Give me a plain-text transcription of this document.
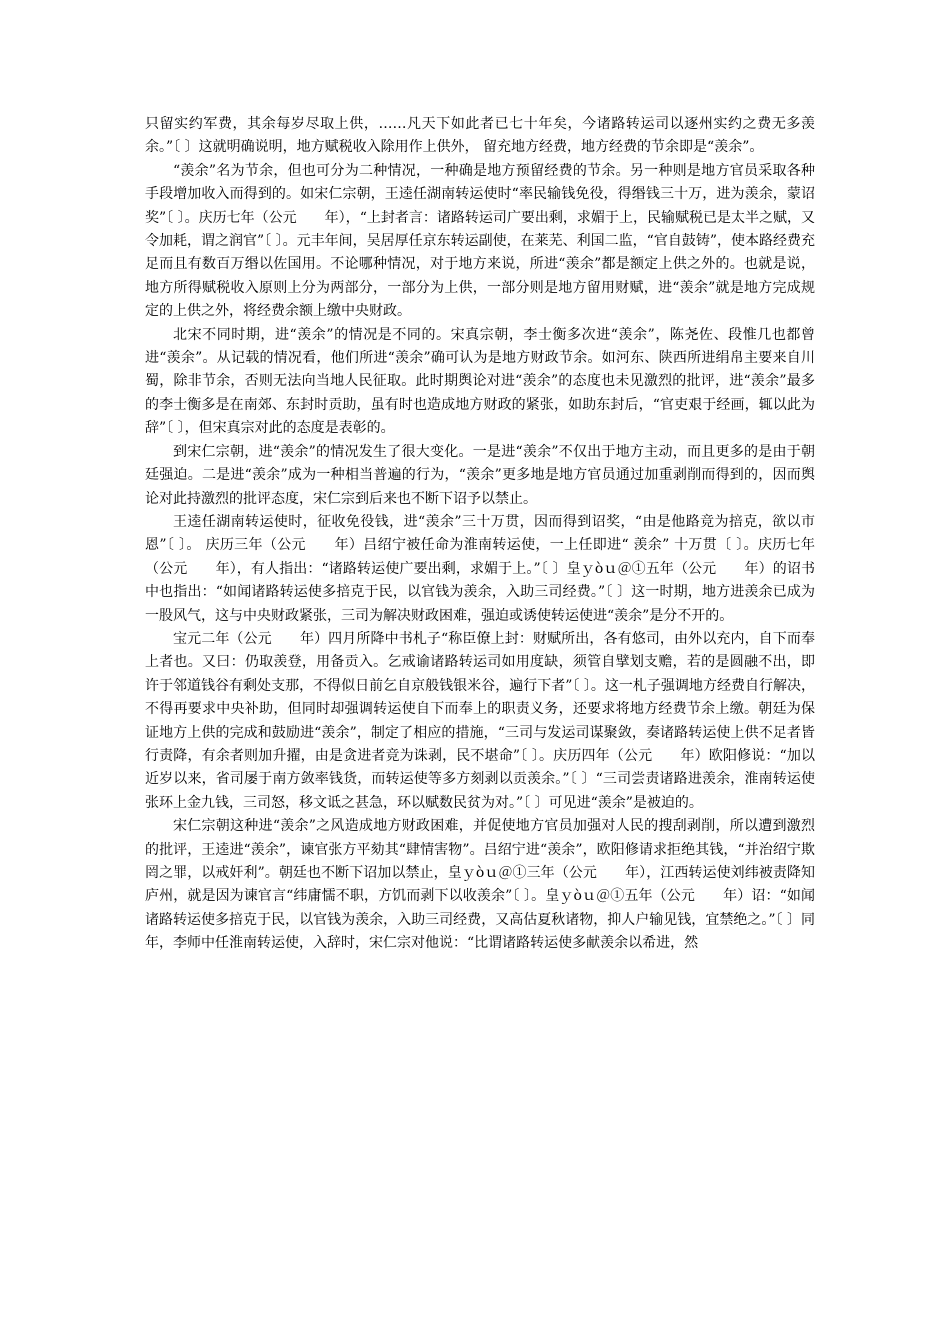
只留实约军费，其余每岁尽取上供，……凡天下如此者已七十年矣，今诸路转运司以逐州实约之费无多羡余。”〔 〕这就明确说明，地方赋税收入除用作上供外， 留充地方经费，地方经费的节余即是“羡余”。

“羡余”名为节余，但也可分为二种情况，一种确是地方预留经费的节余。另一种则是地方官员采取各种手段增加收入而得到的。如宋仁宗朝，王逵任湖南转运使时“率民输钱免役，得缗钱三十万，进为羡余，蒙诏奖”〔 〕。庆历七年（公元　　年），“上封者言：诸路转运司广要出剩，求媚于上，民输赋税已是太半之赋，又令加耗，谓之润官”〔 〕。元丰年间，吴居厚任京东转运副使，在莱芜、利国二监，“官自鼓铸”，使本路经费充足而且有数百万缗以佐国用。不论哪种情况，对于地方来说，所进“羡余”都是额定上供之外的。也就是说，地方所得赋税收入原则上分为两部分，一部分为上供，一部分则是地方留用财赋，进“羡余”就是地方完成规定的上供之外，将经费余额上缴中央财政。

北宋不同时期，进“羡余”的情况是不同的。宋真宗朝，李士衡多次进“羡余”，陈尧佐、段惟几也都曾进“羡余”。从记载的情况看，他们所进“羡余”确可认为是地方财政节余。如河东、陕西所进绢帛主要来自川蜀，除非节余，否则无法向当地人民征取。此时期舆论对进“羡余”的态度也未见激烈的批评，进“羡余”最多的李士衡多是在南郊、东封时贡助，虽有时也造成地方财政的紧张，如助东封后，“官吏艰于经画，辄以此为辞”〔 〕，但宋真宗对此的态度是表彰的。

到宋仁宗朝，进“羡余”的情况发生了很大变化。一是进“羡余”不仅出于地方主动，而且更多的是由于朝廷强迫。二是进“羡余”成为一种相当普遍的行为，“羡余”更多地是地方官员通过加重剥削而得到的，因而舆论对此持激烈的批评态度，宋仁宗到后来也不断下诏予以禁止。

王逵任湖南转运使时，征收免役钱，进“羡余”三十万贯，因而得到诏奖，“由是他路竞为掊克，欲以市恩”〔 〕。 庆历三年（公元　　年）吕绍宁被任命为淮南转运使，一上任即进“ 羡余” 十万贯〔 〕。庆历七年（公元　　年），有人指出：“诸路转运使广要出剩，求媚于上。”〔 〕皇ｙòｕ＠①五年（公元　　年）的诏书中也指出：“如闻诸路转运使多掊克于民，以官钱为羡余，入助三司经费。”〔 〕这一时期，地方进羡余已成为一股风气，这与中央财政紧张，三司为解决财政困难，强迫或诱使转运使进“羡余”是分不开的。

宝元二年（公元　　年）四月所降中书札子“称臣僚上封：财赋所出，各有悠司，由外以充内，自下而奉上者也。又曰：仍取羡登，用备贡入。乞戒谕诸路转运司如用度缺，须管自擘划支赡，若的是圆融不出，即许于邻道钱谷有剩处支那，不得似日前乞自京般钱银米谷，遍行下者”〔 〕。这一札子强调地方经费自行解决，不得再要求中央补助，但同时却强调转运使自下而奉上的职责义务，还要求将地方经费节余上缴。朝廷为保证地方上供的完成和鼓励进“羡余”，制定了相应的措施，“三司与发运司谋聚敛，奏诸路转运使上供不足者皆行责降，有余者则加升擢，由是贪进者竞为诛剥，民不堪命”〔 〕。庆历四年（公元　　年）欧阳修说：“加以近岁以来，省司屡于南方敛率钱货，而转运使等多方刻剥以贡羡余。”〔 〕“三司尝责诸路进羡余，淮南转运使张环上金九钱，三司怒，移文诋之甚急，环以赋数民贫为对。”〔 〕可见进“羡余”是被迫的。

宋仁宗朝这种进“羡余”之风造成地方财政困难，并促使地方官员加强对人民的搜刮剥削，所以遭到激烈的批评，王逵进“羡余”，谏官张方平劾其“肆情害物”。吕绍宁进“羡余”，欧阳修请求拒绝其钱，“并治绍宁欺罔之罪，以戒奸利”。朝廷也不断下诏加以禁止，皇ｙòｕ＠①三年（公元　　年），江西转运使刘纬被责降知庐州，就是因为谏官言“纬庸懦不职，方饥而剥下以收羡余”〔 〕。皇ｙòｕ＠①五年（公元　　年）诏：“如闻诸路转运使多掊克于民，以官钱为羡余，入助三司经费，又高估夏秋诸物，抑人户输见钱，宜禁绝之。”〔 〕同年，李师中任淮南转运使，入辞时，宋仁宗对他说：“比谓诸路转运使多献羡余以希进，然
